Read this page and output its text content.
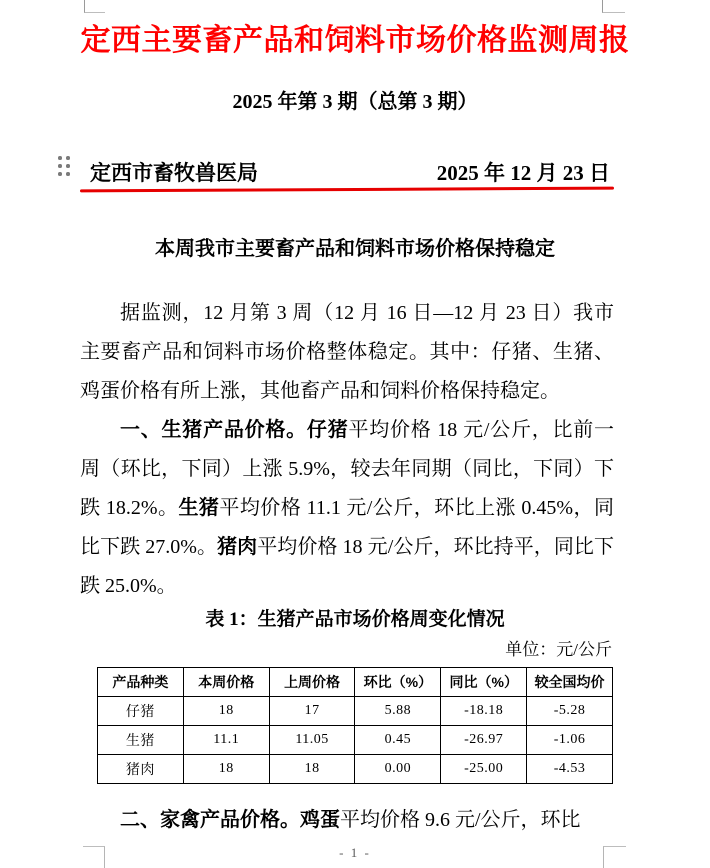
定西主要畜产品和饲料市场价格监测周报
2025 年第 3 期（总第 3 期）
定西市畜牧兽医局	2025 年 12 月 23 日
本周我市主要畜产品和饲料市场价格保持稳定

据监测，12 月第 3 周（12 月 16 日—12 月 23 日）我市主要畜产品和饲料市场价格整体稳定。其中：仔猪、生猪、鸡蛋价格有所上涨，其他畜产品和饲料价格保持稳定。

一、生猪产品价格。仔猪平均价格 18 元/公斤，比前一周（环比，下同）上涨 5.9%，较去年同期（同比，下同）下跌 18.2%。生猪平均价格 11.1 元/公斤，环比上涨 0.45%，同比下跌 27.0%。猪肉平均价格 18 元/公斤，环比持平，同比下跌 25.0%。

表 1：生猪产品市场价格周变化情况
单位：元/公斤
产品种类	本周价格	上周价格	环比（%）	同比（%）	较全国均价
仔猪	18	17	5.88	-18.18	-5.28
生猪	11.1	11.05	0.45	-26.97	-1.06
猪肉	18	18	0.00	-25.00	-4.53

二、家禽产品价格。鸡蛋平均价格 9.6 元/公斤，环比

- 1 -
